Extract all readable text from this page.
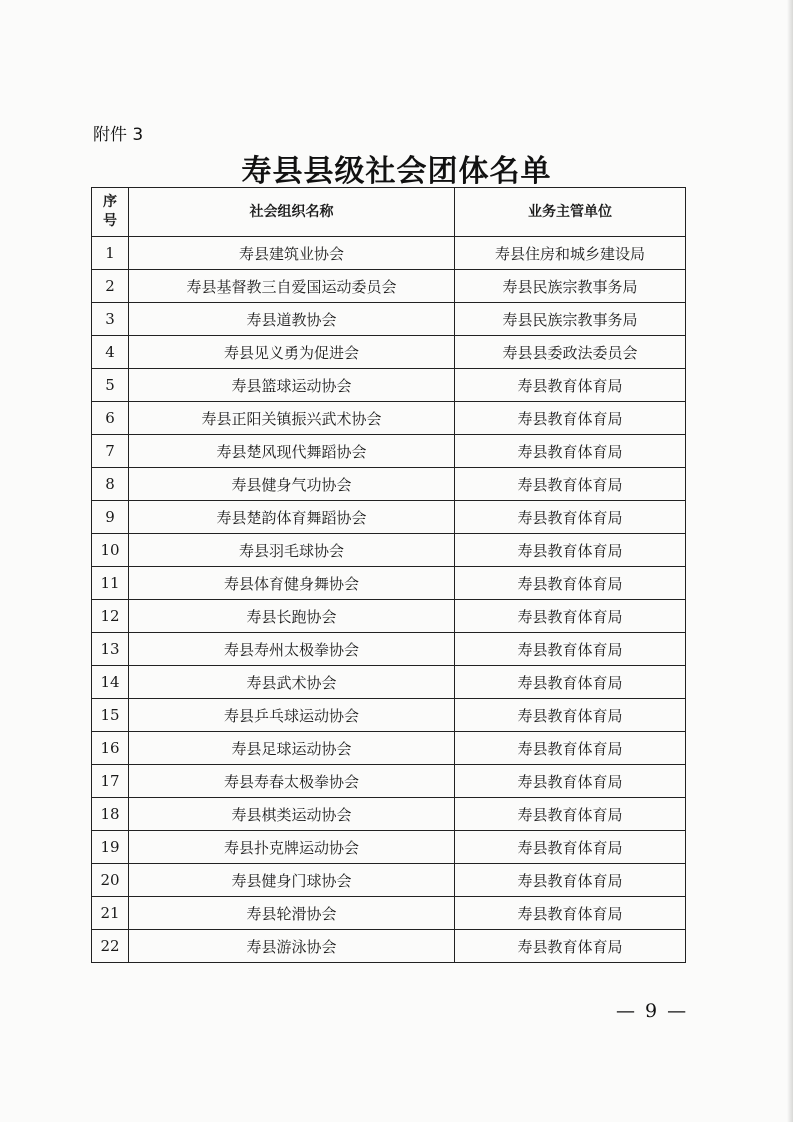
附件 3
寿县县级社会团体名单
序号	社会组织名称	业务主管单位
1	寿县建筑业协会	寿县住房和城乡建设局
2	寿县基督教三自爱国运动委员会	寿县民族宗教事务局
3	寿县道教协会	寿县民族宗教事务局
4	寿县见义勇为促进会	寿县县委政法委员会
5	寿县篮球运动协会	寿县教育体育局
6	寿县正阳关镇振兴武术协会	寿县教育体育局
7	寿县楚风现代舞蹈协会	寿县教育体育局
8	寿县健身气功协会	寿县教育体育局
9	寿县楚韵体育舞蹈协会	寿县教育体育局
10	寿县羽毛球协会	寿县教育体育局
11	寿县体育健身舞协会	寿县教育体育局
12	寿县长跑协会	寿县教育体育局
13	寿县寿州太极拳协会	寿县教育体育局
14	寿县武术协会	寿县教育体育局
15	寿县乒乓球运动协会	寿县教育体育局
16	寿县足球运动协会	寿县教育体育局
17	寿县寿春太极拳协会	寿县教育体育局
18	寿县棋类运动协会	寿县教育体育局
19	寿县扑克牌运动协会	寿县教育体育局
20	寿县健身门球协会	寿县教育体育局
21	寿县轮滑协会	寿县教育体育局
22	寿县游泳协会	寿县教育体育局
— 9 —
